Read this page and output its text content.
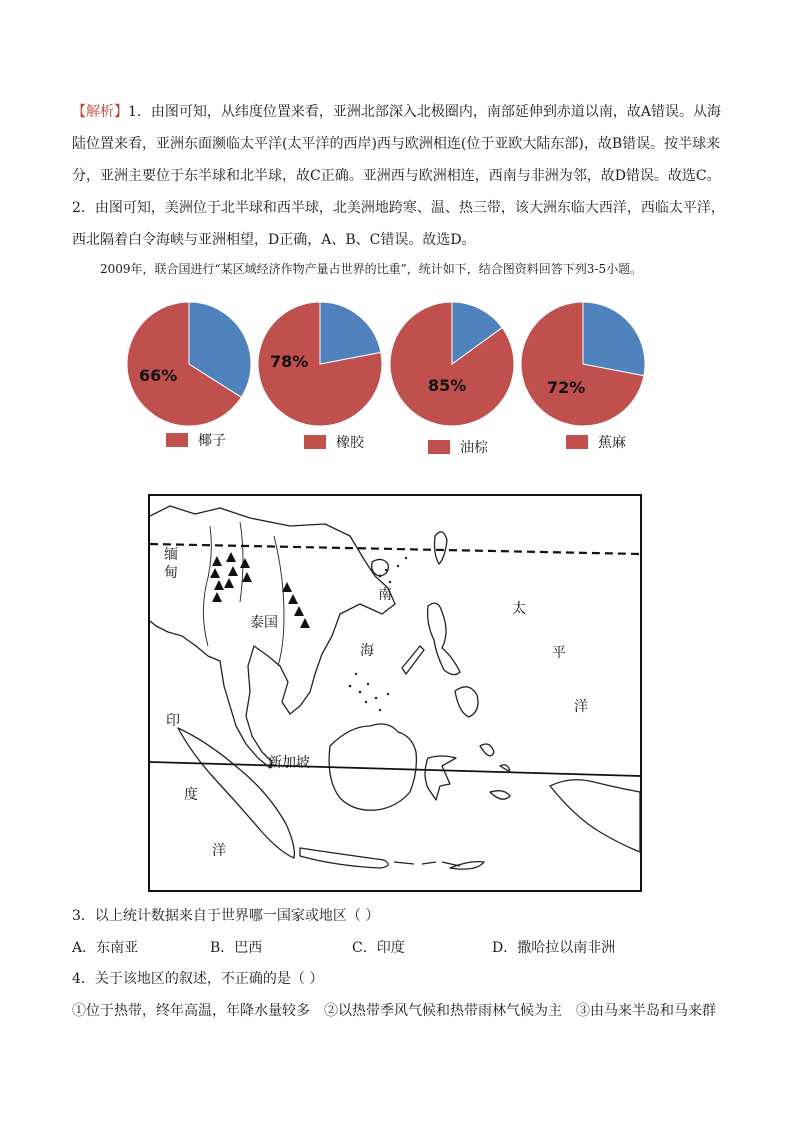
【解析】1．由图可知，从纬度位置来看，亚洲北部深入北极圈内，南部延伸到赤道以南，故A错误。从海

陆位置来看，亚洲东面濒临太平洋(太平洋的西岸)西与欧洲相连(位于亚欧大陆东部)，故B错误。按半球来

分，亚洲主要位于东半球和北半球，故C正确。亚洲西与欧洲相连，西南与非洲为邻，故D错误。故选C。

2．由图可知，美洲位于北半球和西半球，北美洲地跨寒、温、热三带，该大洲东临大西洋，西临太平洋，

西北隔着白令海峡与亚洲相望，D正确，A、B、C错误。故选D。

2009年，联合国进行“某区域经济作物产量占世界的比重”，统计如下，结合图资料回答下列3-5小题。
66%
78%
85%	72%
椰子	橡胶	油棕	蕉麻
缅
甸
泰国
新加坡
南
海
太
平
洋
印
度
洋
3．以上统计数据来自于世界哪一国家或地区（ ）
A．东南亚	B．巴西	C．印度	D．撒哈拉以南非洲
4．关于该地区的叙述，不正确的是（ ）
①位于热带，终年高温，年降水量较多　②以热带季风气候和热带雨林气候为主　③由马来半岛和马来群
